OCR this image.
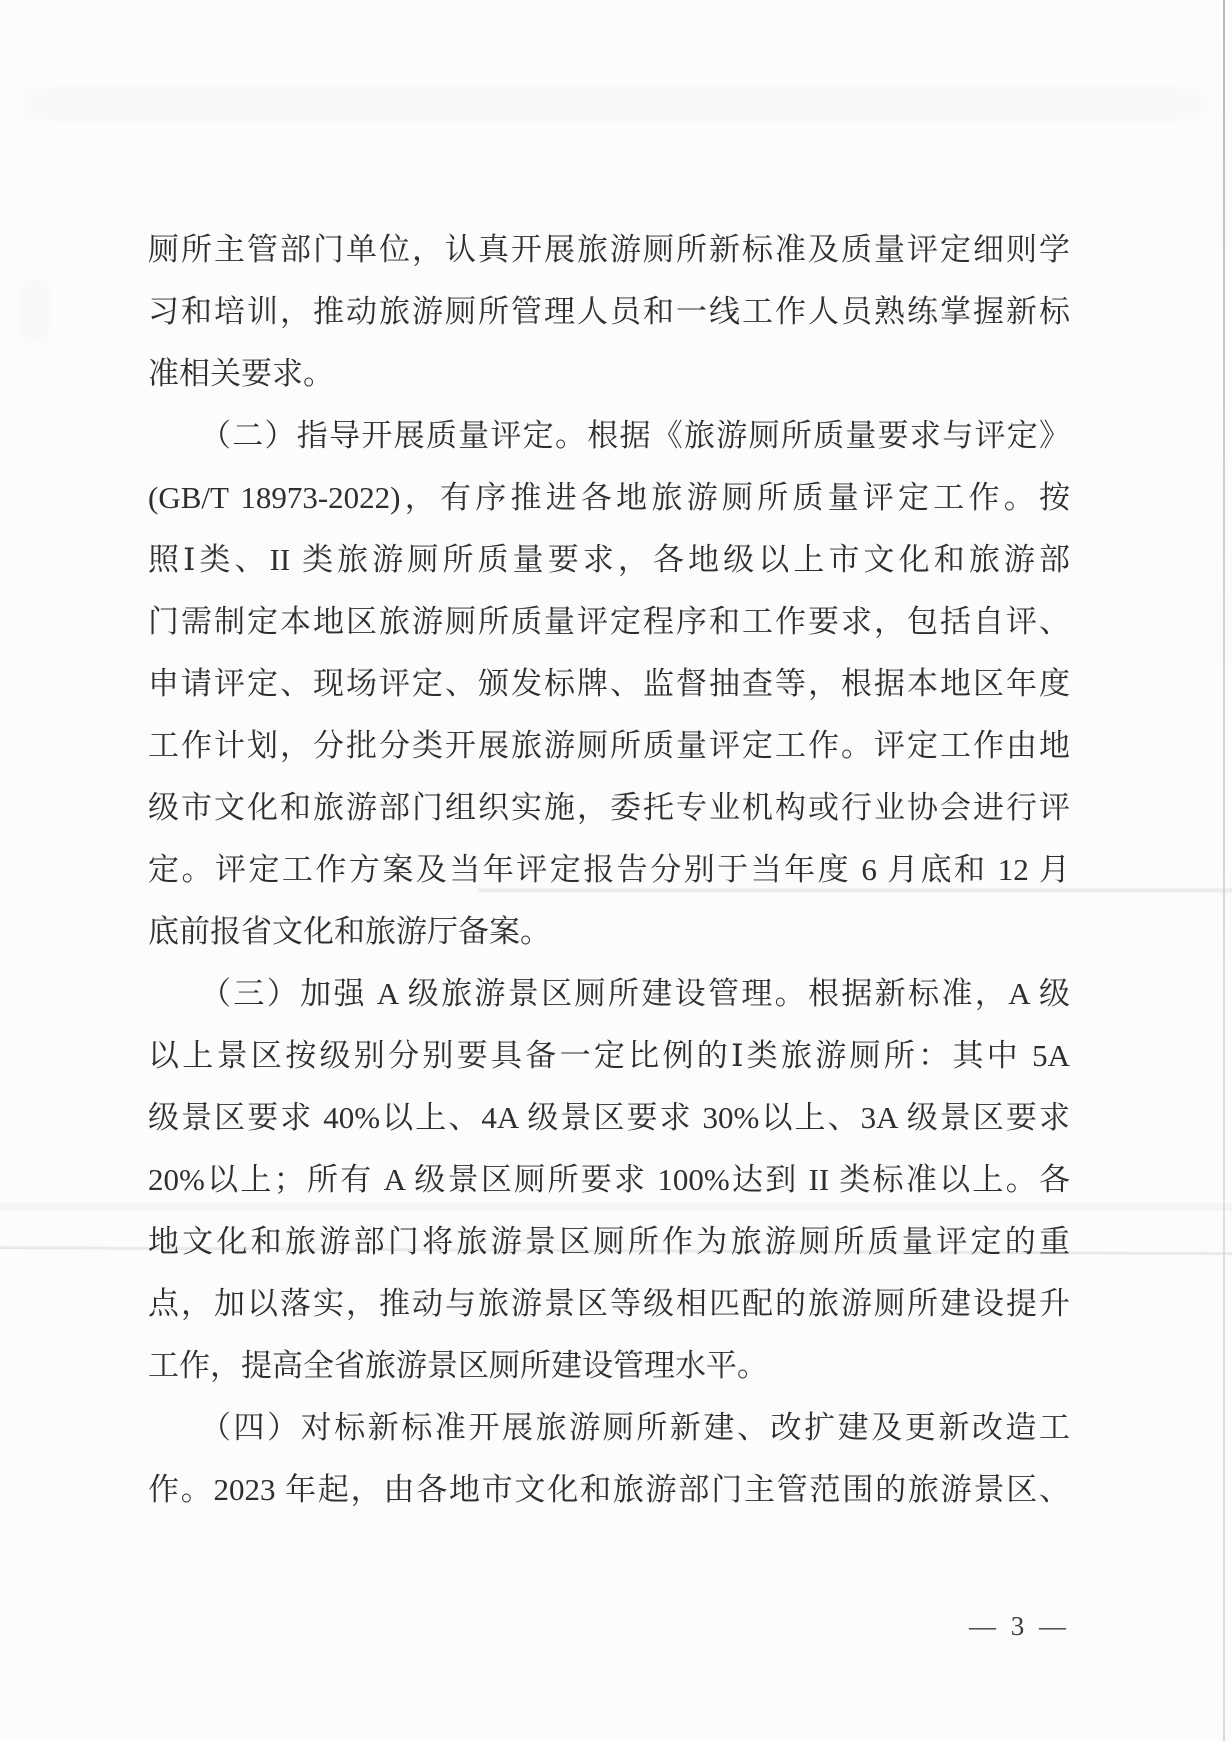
厕所主管部门单位，认真开展旅游厕所新标准及质量评定细则学
习和培训，推动旅游厕所管理人员和一线工作人员熟练掌握新标
准相关要求。
（二）指导开展质量评定。根据《旅游厕所质量要求与评定》
(GB/T 18973-2022)，有序推进各地旅游厕所质量评定工作。按
照Ⅰ类、II 类旅游厕所质量要求，各地级以上市文化和旅游部
门需制定本地区旅游厕所质量评定程序和工作要求，包括自评、
申请评定、现场评定、颁发标牌、监督抽查等，根据本地区年度
工作计划，分批分类开展旅游厕所质量评定工作。评定工作由地
级市文化和旅游部门组织实施，委托专业机构或行业协会进行评
定。评定工作方案及当年评定报告分别于当年度 6 月底和 12 月
底前报省文化和旅游厅备案。
（三）加强 A 级旅游景区厕所建设管理。根据新标准，A 级
以上景区按级别分别要具备一定比例的Ⅰ类旅游厕所：其中 5A
级景区要求 40%以上、4A 级景区要求 30%以上、3A 级景区要求
20%以上；所有 A 级景区厕所要求 100%达到 II 类标准以上。各
地文化和旅游部门将旅游景区厕所作为旅游厕所质量评定的重
点，加以落实，推动与旅游景区等级相匹配的旅游厕所建设提升
工作，提高全省旅游景区厕所建设管理水平。
（四）对标新标准开展旅游厕所新建、改扩建及更新改造工
作。2023 年起，由各地市文化和旅游部门主管范围的旅游景区、
— 3 —
